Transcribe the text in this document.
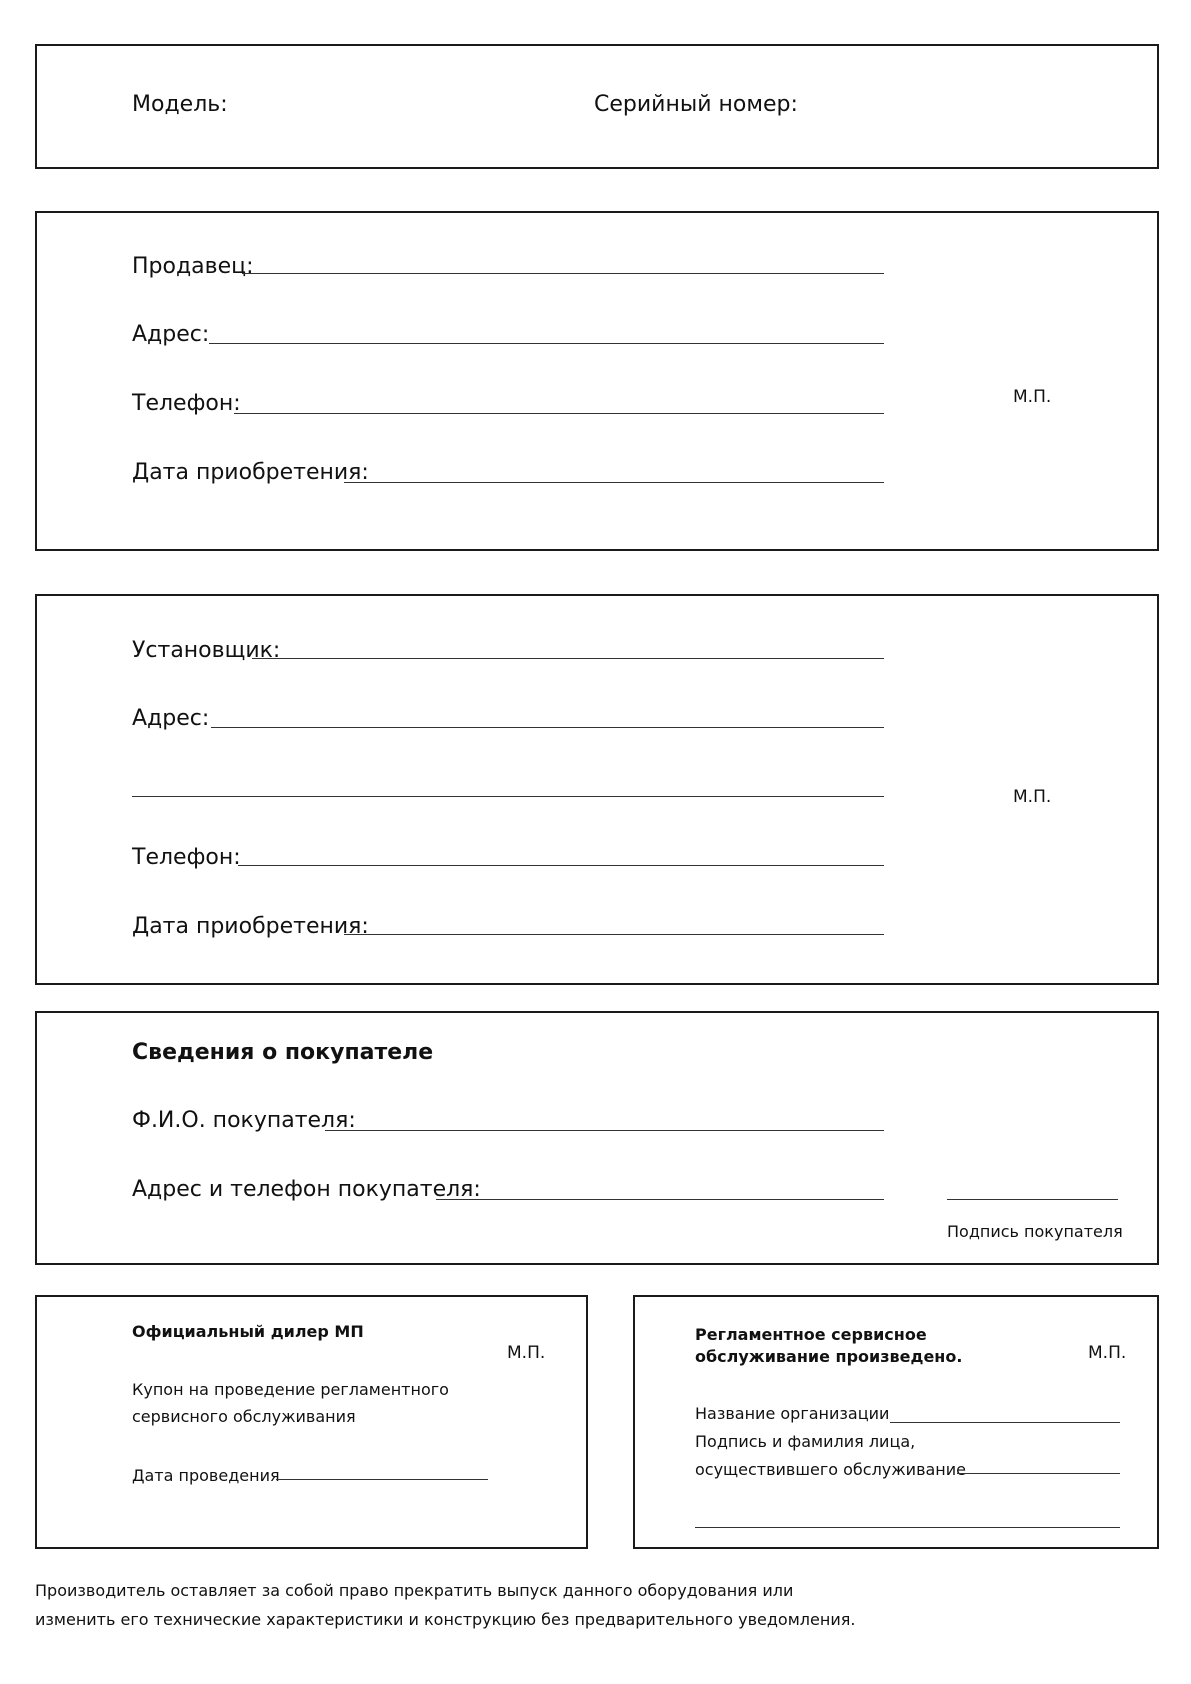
Модель:	Серийный номер:
Продавец:
Адрес:
Телефон:
Дата приобретения:
М.П.
Установщик:
Адрес:
Телефон:
Дата приобретения:
М.П.
Сведения о покупателе
Ф.И.О. покупателя:
Адрес и телефон покупателя:
Подпись покупателя
Официальный дилер МП
М.П.
Купон на проведение регламентного
сервисного обслуживания
Дата проведения
Регламентное сервисное
обслуживание произведено.	М.П.
Название организации
Подпись и фамилия лица,
осуществившего обслуживание
Производитель оставляет за собой право прекратить выпуск данного оборудования или
изменить его технические характеристики и конструкцию без предварительного уведомления.
